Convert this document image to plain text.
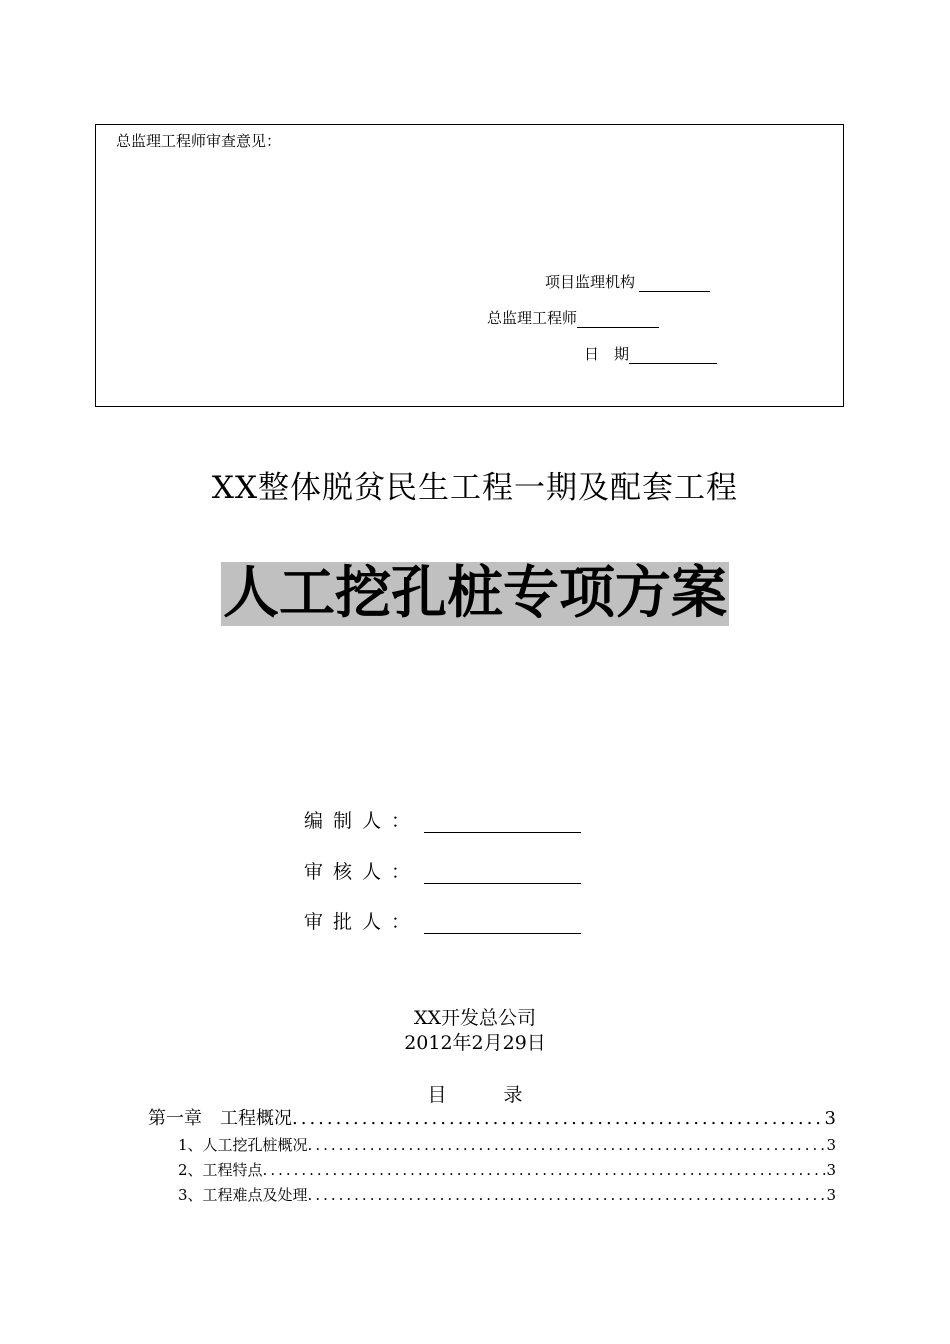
总监理工程师审查意见：
项目监理机构
总监理工程师
日　期
XX整体脱贫民生工程一期及配套工程
人工挖孔桩专项方案
编制人：
审核人：
审批人：
XX开发总公司
2012年2月29日
目　　　录
第一章　工程概况 .....	3
1、人工挖孔桩概况 .....	3
2、工程特点 .....	3
3、工程难点及处理 .....	3
